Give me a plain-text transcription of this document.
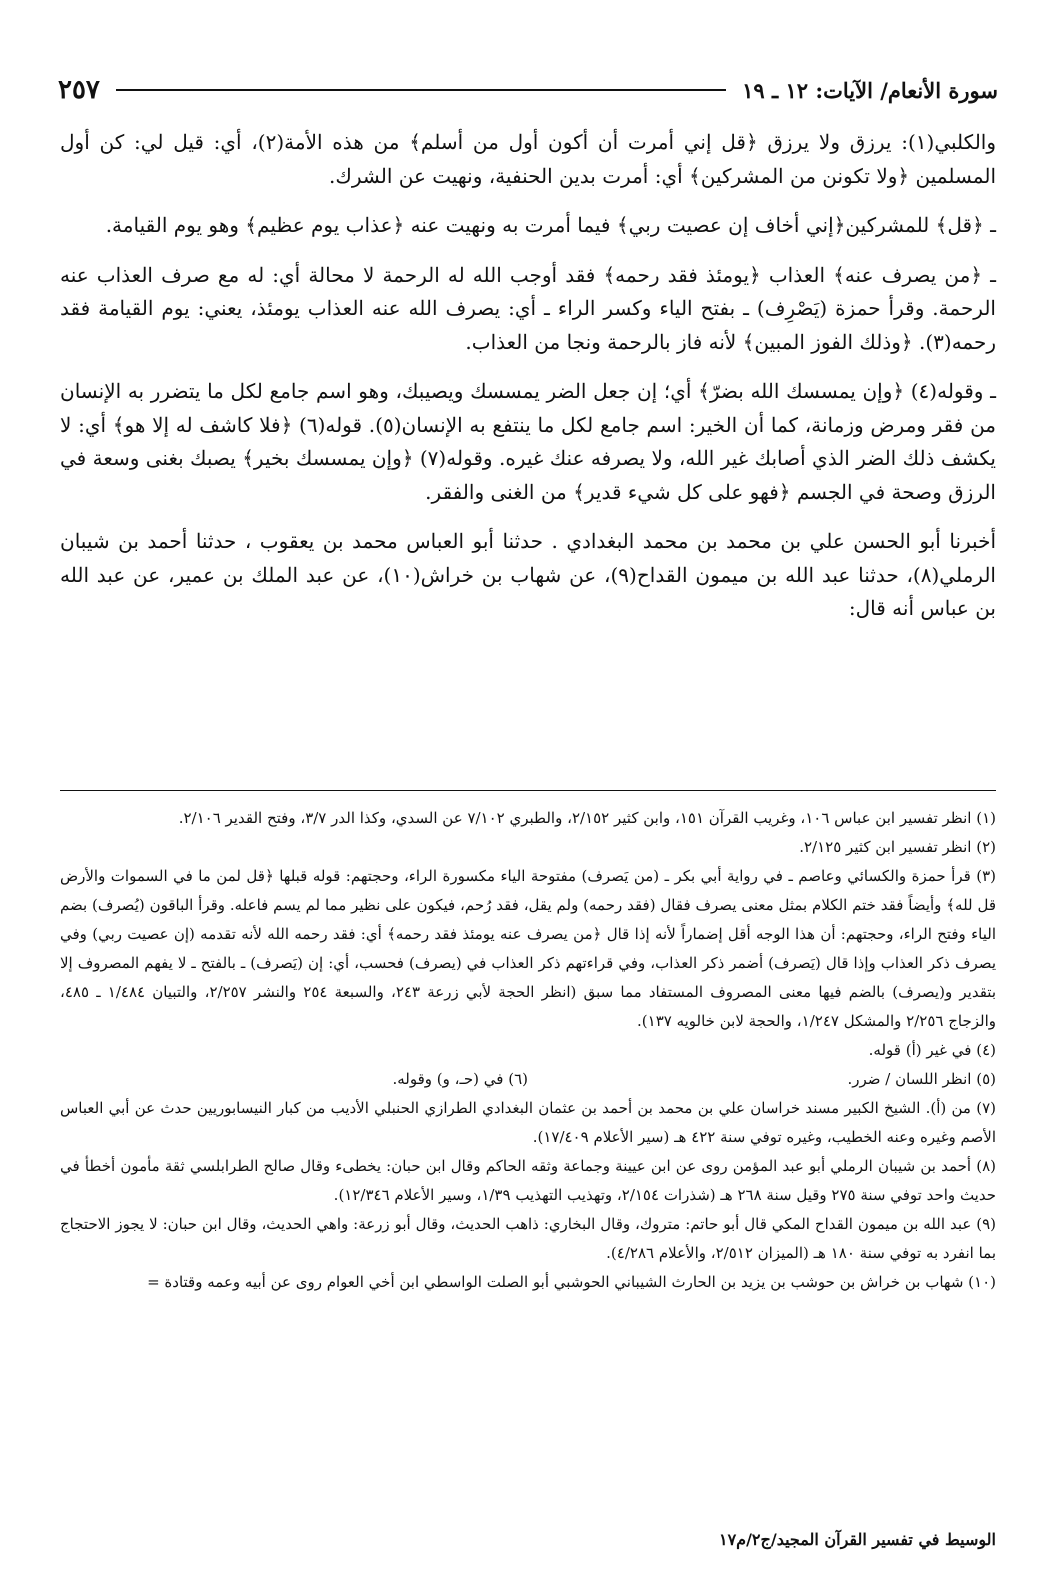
٢٥٧	سورة الأنعام/ الآيات: ١٢ ـ ١٩

والكلبي(١): يرزق ولا يرزق ﴿قل إني أمرت أن أكون أول من أسلم﴾ من هذه الأمة(٢)، أي: قيل لي: كن أول المسلمين ﴿ولا تكونن من المشركين﴾ أي: أمرت بدين الحنفية، ونهيت عن الشرك.

ـ ﴿قل﴾ للمشركين﴿إني أخاف إن عصيت ربي﴾ فيما أمرت به ونهيت عنه ﴿عذاب يوم عظيم﴾ وهو يوم القيامة.

ـ ﴿من يصرف عنه﴾ العذاب ﴿يومئذ فقد رحمه﴾ فقد أوجب الله له الرحمة لا محالة أي: له مع صرف العذاب عنه الرحمة. وقرأ حمزة (يَصْرِف) ـ بفتح الياء وكسر الراء ـ أي: يصرف الله عنه العذاب يومئذ، يعني: يوم القيامة فقد رحمه(٣). ﴿وذلك الفوز المبين﴾ لأنه فاز بالرحمة ونجا من العذاب.

ـ وقوله(٤) ﴿وإن يمسسك الله بضرّ﴾ أي؛ إن جعل الضر يمسسك ويصيبك، وهو اسم جامع لكل ما يتضرر به الإنسان من فقر ومرض وزمانة، كما أن الخير: اسم جامع لكل ما ينتفع به الإنسان(٥). قوله(٦) ﴿فلا كاشف له إلا هو﴾ أي: لا يكشف ذلك الضر الذي أصابك غير الله، ولا يصرفه عنك غيره. وقوله(٧) ﴿وإن يمسسك بخير﴾ يصبك بغنى وسعة في الرزق وصحة في الجسم ﴿فهو على كل شيء قدير﴾ من الغنى والفقر.

أخبرنا أبو الحسن علي بن محمد بن محمد البغدادي . حدثنا أبو العباس محمد بن يعقوب ، حدثنا أحمد بن شيبان الرملي(٨)، حدثنا عبد الله بن ميمون القداح(٩)، عن شهاب بن خراش(١٠)، عن عبد الملك بن عمير، عن عبد الله بن عباس أنه قال:

(١) انظر تفسير ابن عباس ١٠٦، وغريب القرآن ١٥١، وابن كثير ٢/١٥٢، والطبري ٧/١٠٢ عن السدي، وكذا الدر ٣/٧، وفتح القدير ٢/١٠٦.

(٢) انظر تفسير ابن كثير ٢/١٢٥.

(٣) قرأ حمزة والكسائي وعاصم ـ في رواية أبي بكر ـ (من يَصرف) مفتوحة الياء مكسورة الراء، وحجتهم: قوله قبلها ﴿قل لمن ما في السموات والأرض قل لله﴾ وأيضاً فقد ختم الكلام بمثل معنى يصرف فقال (فقد رحمه) ولم يقل، فقد رُحم، فيكون على نظير مما لم يسم فاعله. وقرأ الباقون (يُصرف) بضم الياء وفتح الراء، وحجتهم: أن هذا الوجه أقل إضماراً لأنه إذا قال ﴿من يصرف عنه يومئذ فقد رحمه﴾ أي: فقد رحمه الله لأنه تقدمه (إن عصيت ربي) وفي يصرف ذكر العذاب وإذا قال (يَصرف) أضمر ذكر العذاب، وفي قراءتهم ذكر العذاب في (يصرف) فحسب، أي: إن (يَصرف) ـ بالفتح ـ لا يفهم المصروف إلا بتقدير و(يصرف) بالضم فيها معنى المصروف المستفاد مما سبق (انظر الحجة لأبي زرعة ٢٤٣، والسبعة ٢٥٤ والنشر ٢/٢٥٧، والتبيان ١/٤٨٤ ـ ٤٨٥، والزجاج ٢/٢٥٦ والمشكل ١/٢٤٧، والحجة لابن خالويه ١٣٧).

(٤) في غير (أ) قوله.

(٥) انظر اللسان / ضرر.

(٦) في (حـ، و) وقوله.

(٧) من (أ). الشيخ الكبير مسند خراسان علي بن محمد بن أحمد بن عثمان البغدادي الطرازي الحنبلي الأديب من كبار النيسابوريين حدث عن أبي العباس الأصم وغيره وعنه الخطيب، وغيره توفي سنة ٤٢٢ هـ (سير الأعلام ١٧/٤٠٩).

(٨) أحمد بن شيبان الرملي أبو عبد المؤمن روى عن ابن عيينة وجماعة وثقه الحاكم وقال ابن حبان: يخطىء وقال صالح الطرابلسي ثقة مأمون أخطأ في حديث واحد توفي سنة ٢٧٥ وقيل سنة ٢٦٨ هـ (شذرات ٢/١٥٤، وتهذيب التهذيب ١/٣٩، وسير الأعلام ١٢/٣٤٦).

(٩) عبد الله بن ميمون القداح المكي قال أبو حاتم: متروك، وقال البخاري: ذاهب الحديث، وقال أبو زرعة: واهي الحديث، وقال ابن حبان: لا يجوز الاحتجاج بما انفرد به توفي سنة ١٨٠ هـ (الميزان ٢/٥١٢، والأعلام ٤/٢٨٦).

(١٠) شهاب بن خراش بن حوشب بن يزيد بن الحارث الشيباني الحوشبي أبو الصلت الواسطي ابن أخي العوام روى عن أبيه وعمه وقتادة =

الوسيط في تفسير القرآن المجيد/ج٢/م١٧
